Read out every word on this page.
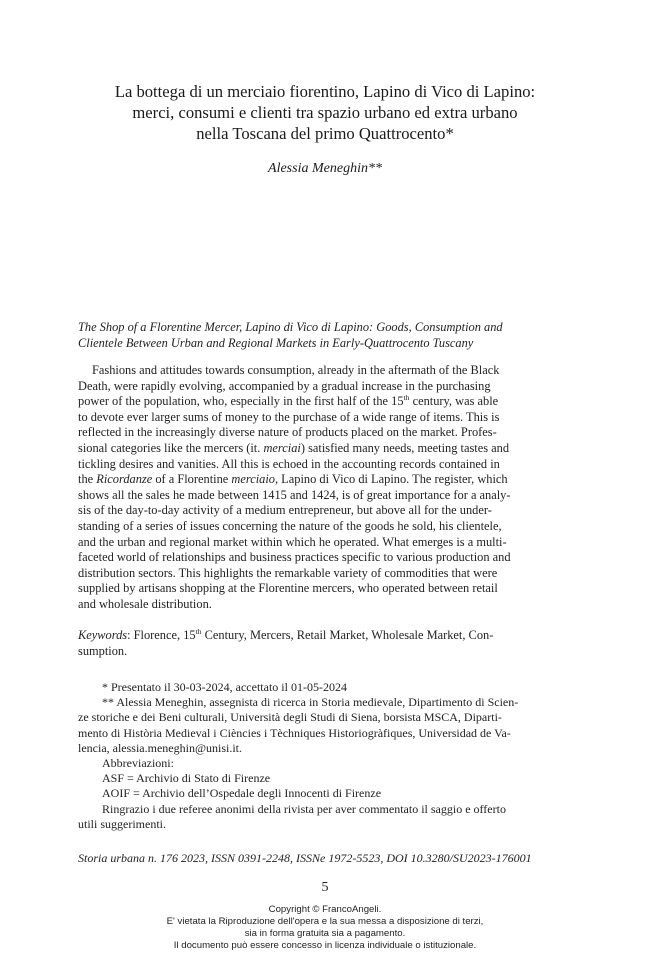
La bottega di un merciaio fiorentino, Lapino di Vico di Lapino:
merci, consumi e clienti tra spazio urbano ed extra urbano
nella Toscana del primo Quattrocento*
Alessia Meneghin**
The Shop of a Florentine Mercer, Lapino di Vico di Lapino: Goods, Consumption and
Clientele Between Urban and Regional Markets in Early-Quattrocento Tuscany
Fashions and attitudes towards consumption, already in the aftermath of the Black
Death, were rapidly evolving, accompanied by a gradual increase in the purchasing
power of the population, who, especially in the first half of the 15th century, was able
to devote ever larger sums of money to the purchase of a wide range of items. This is
reflected in the increasingly diverse nature of products placed on the market. Profes-
sional categories like the mercers (it. merciai) satisfied many needs, meeting tastes and
tickling desires and vanities. All this is echoed in the accounting records contained in
the Ricordanze of a Florentine merciaio, Lapino di Vico di Lapino. The register, which
shows all the sales he made between 1415 and 1424, is of great importance for a analy-
sis of the day-to-day activity of a medium entrepreneur, but above all for the under-
standing of a series of issues concerning the nature of the goods he sold, his clientele,
and the urban and regional market within which he operated. What emerges is a multi-
faceted world of relationships and business practices specific to various production and
distribution sectors. This highlights the remarkable variety of commodities that were
supplied by artisans shopping at the Florentine mercers, who operated between retail
and wholesale distribution.
Keywords: Florence, 15th Century, Mercers, Retail Market, Wholesale Market, Con-
sumption.
* Presentato il 30-03-2024, accettato il 01-05-2024
** Alessia Meneghin, assegnista di ricerca in Storia medievale, Dipartimento di Scien-
ze storiche e dei Beni culturali, Università degli Studi di Siena, borsista MSCA, Diparti-
mento di Història Medieval i Ciències i Tèchniques Historiogràfiques, Universidad de Va-
lencia, alessia.meneghin@unisi.it.
Abbreviazioni:
ASF = Archivio di Stato di Firenze
AOIF = Archivio dell’Ospedale degli Innocenti di Firenze
Ringrazio i due referee anonimi della rivista per aver commentato il saggio e offerto
utili suggerimenti.
Storia urbana n. 176 2023, ISSN 0391-2248, ISSNe 1972-5523, DOI 10.3280/SU2023-176001
5
Copyright © FrancoAngeli.
E' vietata la Riproduzione dell'opera e la sua messa a disposizione di terzi,
sia in forma gratuita sia a pagamento.
Il documento può essere concesso in licenza individuale o istituzionale.
